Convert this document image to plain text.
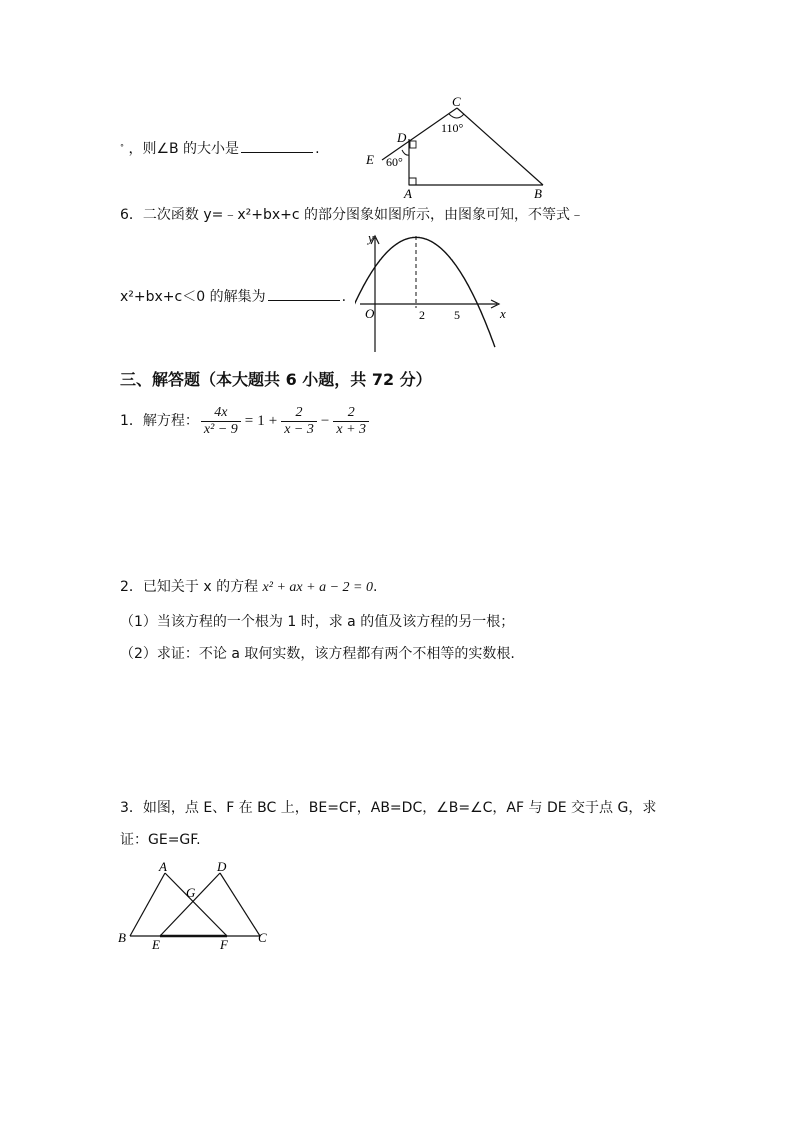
° ，则∠B 的大小是	.
C
D
E
A	B
110°
60°
6．二次函数 y=﹣x²+bx+c 的部分图象如图所示，由图象可知，不等式﹣
y
x
O	2 5
x²+bx+c＜0 的解集为	.
三、解答题（本大题共 6 小题，共 72 分）
1．解方程： $\frac{4x}{\text{x² − 9}} = 1 + \frac{2}{x - 3} - \frac{2}{x + 3}$
2．已知关于 x 的方程 x² + ax + a − 2 = 0.
（1）当该方程的一个根为 1 时，求 a 的值及该方程的另一根；
（2）求证：不论 a 取何实数，该方程都有两个不相等的实数根.
3．如图，点 E、F 在 BC 上，BE=CF，AB=DC，∠B=∠C，AF 与 DE 交于点 G，求
证：GE=GF.
A	D
G
B E	F C
